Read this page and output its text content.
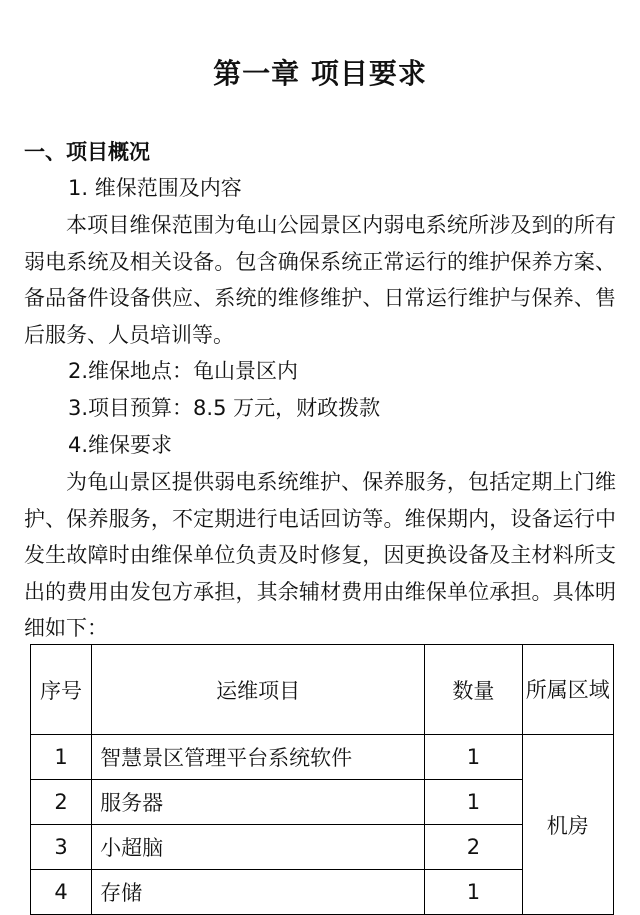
第一章 项目要求
一、项目概况
1. 维保范围及内容
本项目维保范围为龟山公园景区内弱电系统所涉及到的所有弱电系统及相关设备。包含确保系统正常运行的维护保养方案、备品备件设备供应、系统的维修维护、日常运行维护与保养、售后服务、人员培训等。
2.维保地点：龟山景区内
3.项目预算：8.5 万元，财政拨款
4.维保要求
为龟山景区提供弱电系统维护、保养服务，包括定期上门维护、保养服务，不定期进行电话回访等。维保期内，设备运行中发生故障时由维保单位负责及时修复，因更换设备及主材料所支出的费用由发包方承担，其余辅材费用由维保单位承担。具体明细如下：
序号	运维项目	数量	所属区域
1	智慧景区管理平台系统软件	1	机房
2	服务器	1	
3	小超脑	2	
4	存储	1	
